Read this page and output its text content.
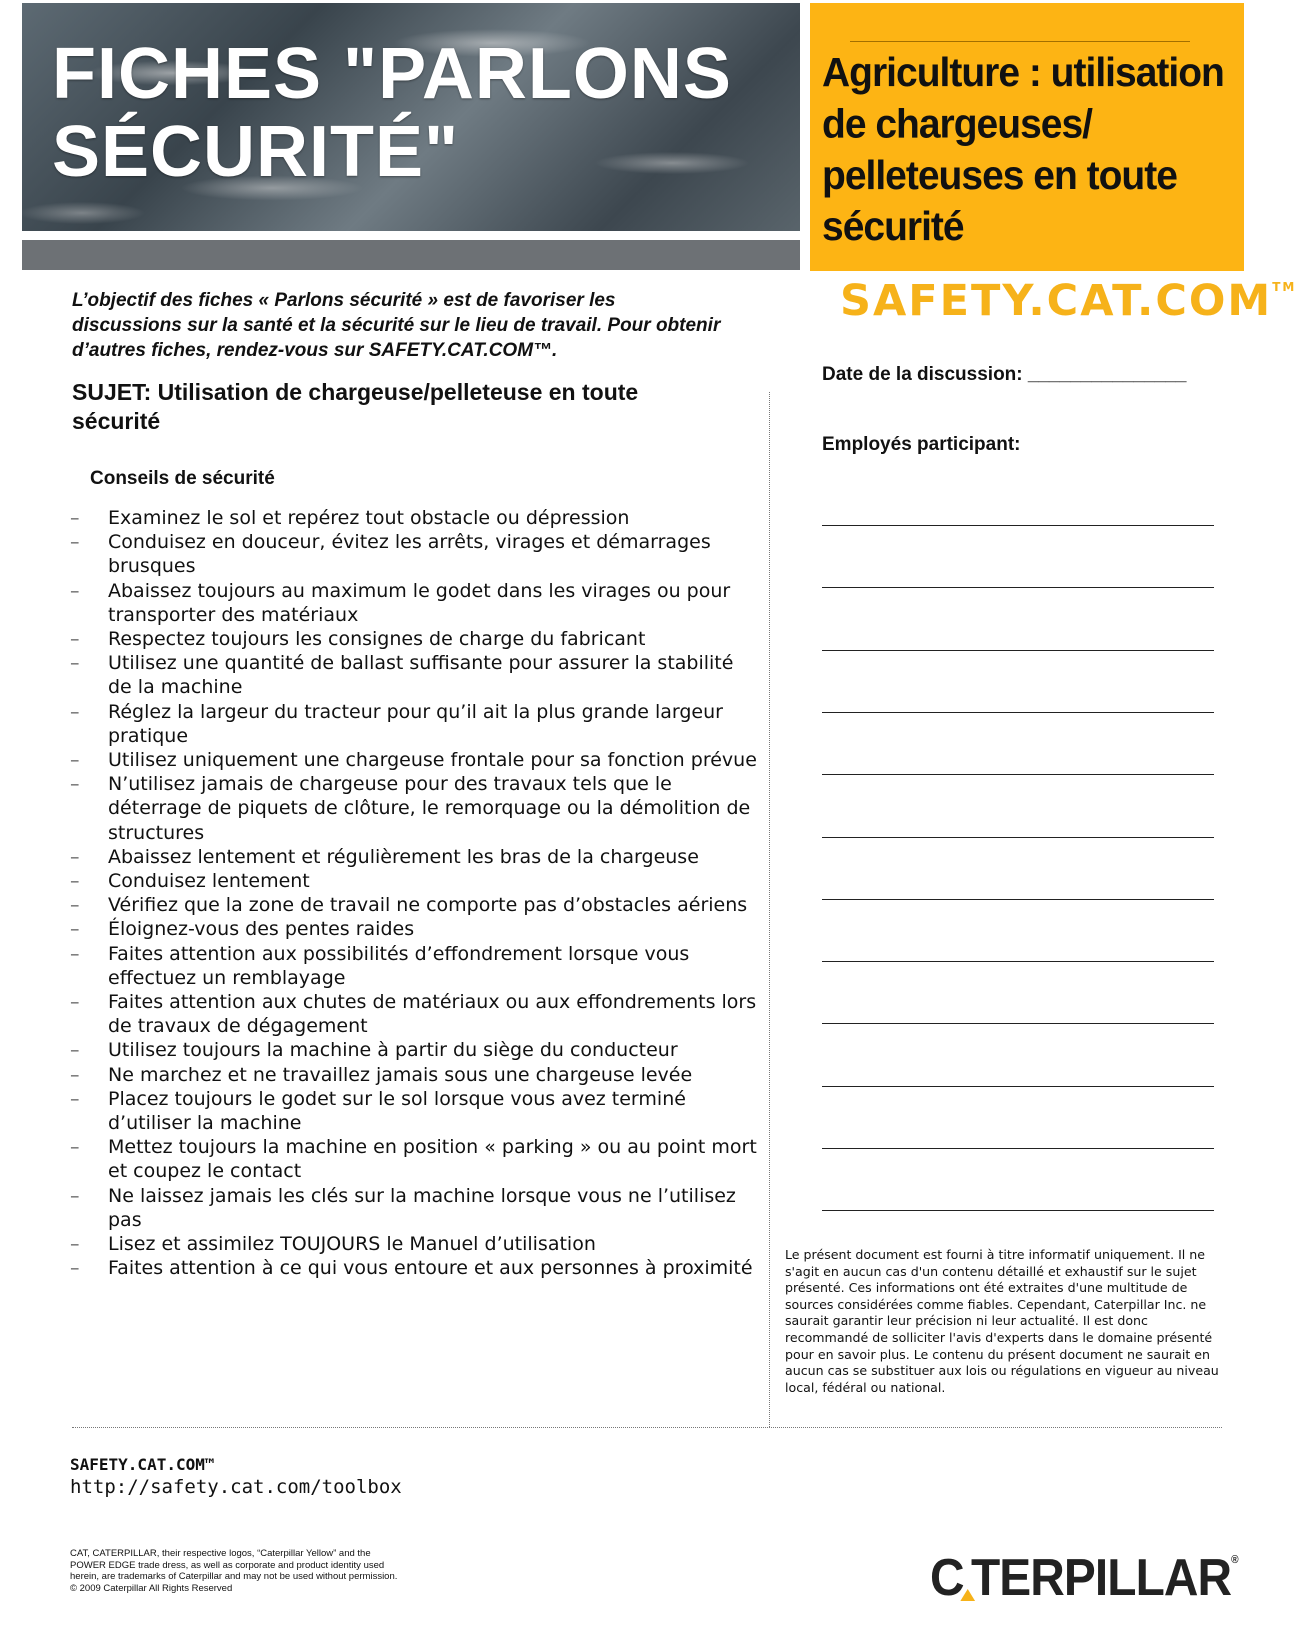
FICHES "PARLONS SÉCURITÉ"
Agriculture : utilisation de chargeuses/ pelleteuses en toute sécurité
SAFETY.CAT.COM™

L’objectif des fiches « Parlons sécurité » est de favoriser les discussions sur la santé et la sécurité sur le lieu de travail. Pour obtenir d’autres fiches, rendez-vous sur SAFETY.CAT.COM™.

SUJET: Utilisation de chargeuse/pelleteuse en toute sécurité
Conseils de sécurité
– Examinez le sol et repérez tout obstacle ou dépression
– Conduisez en douceur, évitez les arrêts, virages et démarrages brusques
– Abaissez toujours au maximum le godet dans les virages ou pour transporter des matériaux
– Respectez toujours les consignes de charge du fabricant
– Utilisez une quantité de ballast suffisante pour assurer la stabilité de la machine
– Réglez la largeur du tracteur pour qu’il ait la plus grande largeur pratique
– Utilisez uniquement une chargeuse frontale pour sa fonction prévue
– N’utilisez jamais de chargeuse pour des travaux tels que le déterrage de piquets de clôture, le remorquage ou la démolition de structures
– Abaissez lentement et régulièrement les bras de la chargeuse
– Conduisez lentement
– Vérifiez que la zone de travail ne comporte pas d’obstacles aériens
– Éloignez-vous des pentes raides
– Faites attention aux possibilités d’effondrement lorsque vous effectuez un remblayage
– Faites attention aux chutes de matériaux ou aux effondrements lors de travaux de dégagement
– Utilisez toujours la machine à partir du siège du conducteur
– Ne marchez et ne travaillez jamais sous une chargeuse levée
– Placez toujours le godet sur le sol lorsque vous avez terminé d’utiliser la machine
– Mettez toujours la machine en position « parking » ou au point mort et coupez le contact
– Ne laissez jamais les clés sur la machine lorsque vous ne l’utilisez pas
– Lisez et assimilez TOUJOURS le Manuel d’utilisation
– Faites attention à ce qui vous entoure et aux personnes à proximité

Date de la discussion: _______________

Employés participant:

Le présent document est fourni à titre informatif uniquement. Il ne s'agit en aucun cas d'un contenu détaillé et exhaustif sur le sujet présenté. Ces informations ont été extraites d'une multitude de sources considérées comme fiables. Cependant, Caterpillar Inc. ne saurait garantir leur précision ni leur actualité. Il est donc recommandé de solliciter l'avis d'experts dans le domaine présenté pour en savoir plus. Le contenu du présent document ne saurait en aucun cas se substituer aux lois ou régulations en vigueur au niveau local, fédéral ou national.

SAFETY.CAT.COM™

http://safety.cat.com/toolbox

CAT, CATERPILLAR, their respective logos, “Caterpillar Yellow” and the POWER EDGE trade dress, as well as corporate and product identity used herein, are trademarks of Caterpillar and may not be used without permission. © 2009 Caterpillar All Rights Reserved	C TERPILLAR®
